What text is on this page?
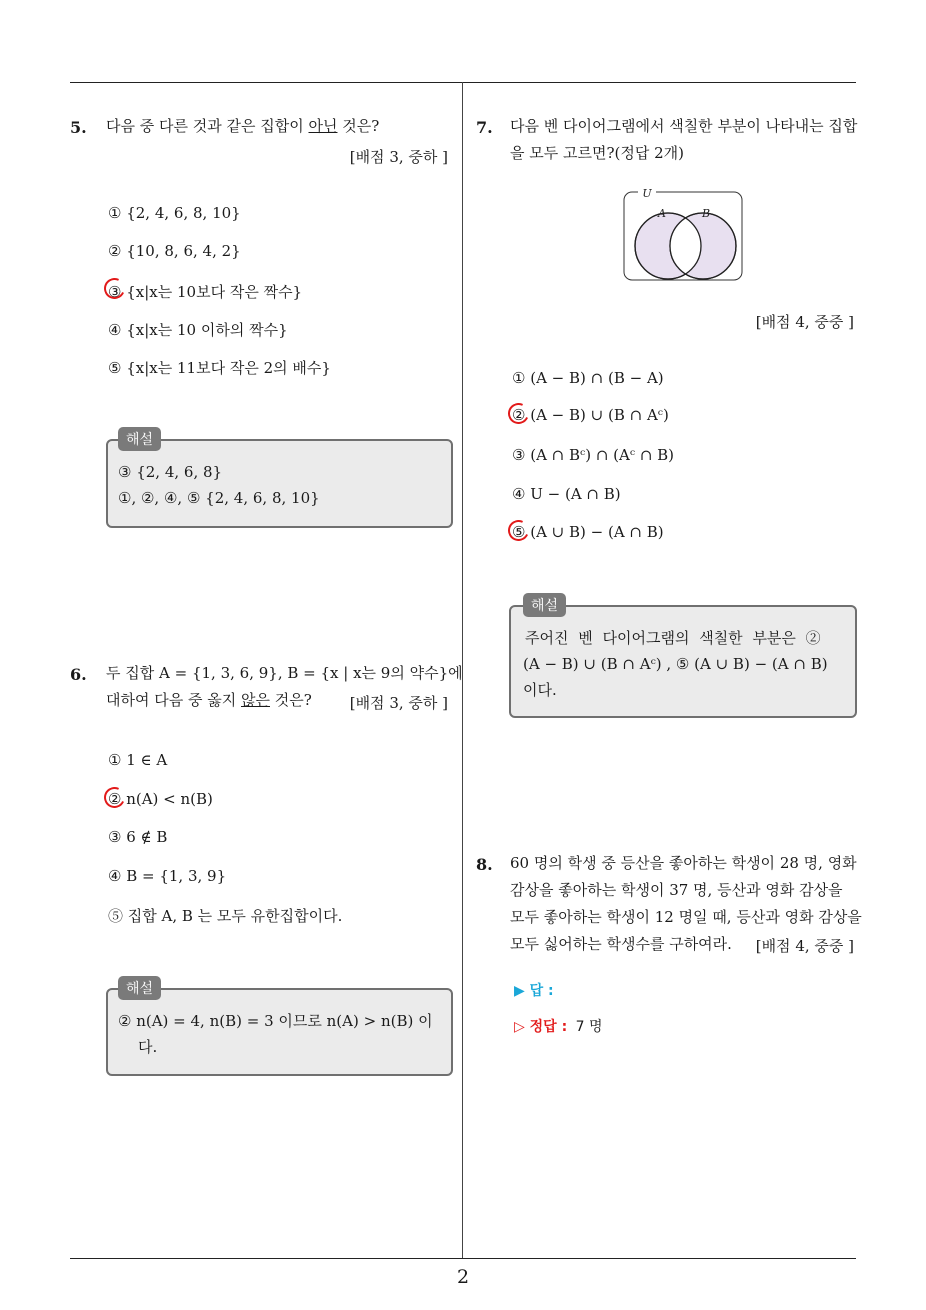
5. 다음 중 다른 것과 같은 집합이 아닌 것은?
[배점 3, 중하 ]
① {2, 4, 6, 8, 10}
② {10, 8, 6, 4, 2}
③ {x|x는 10보다 작은 짝수}
④ {x|x는 10 이하의 짝수}
⑤ {x|x는 11보다 작은 2의 배수}
③ {2, 4, 6, 8}
①, ②, ④, ⑤ {2, 4, 6, 8, 10}
해설
6. 두 집합 A = {1, 3, 6, 9}, B = {x | x는 9의 약수}에
대하여 다음 중 옳지 않은 것은?	[배점 3, 중하 ]
① 1 ∈ A
② n(A) < n(B)
③ 6 ∉ B
④ B = {1, 3, 9}
⑤ 집합 A, B 는 모두 유한집합이다.
② n(A) = 4, n(B) = 3 이므로 n(A) > n(B) 이
다.
해설
7. 다음 벤 다이어그램에서 색칠한 부분이 나타내는 집합
을 모두 고르면?(정답 2개)
U
A	B
[배점 4, 중중 ]
① (A − B) ∩ (B − A)
② (A − B) ∪ (B ∩ Aᶜ)
③ (A ∩ Bᶜ) ∩ (Aᶜ ∩ B)
④ U − (A ∩ B)
⑤ (A ∪ B) − (A ∩ B)
주어진 벤 다이어그램의 색칠한 부분은 ②
(A − B) ∪ (B ∩ Aᶜ) , ⑤ (A ∪ B) − (A ∩ B)
이다.
해설
8. 60 명의 학생 중 등산을 좋아하는 학생이 28 명, 영화
감상을 좋아하는 학생이 37 명, 등산과 영화 감상을
모두 좋아하는 학생이 12 명일 때, 등산과 영화 감상을
모두 싫어하는 학생수를 구하여라. [배점 4, 중중 ]
▶ 답 :
▷ 정답 : 7 명
2
